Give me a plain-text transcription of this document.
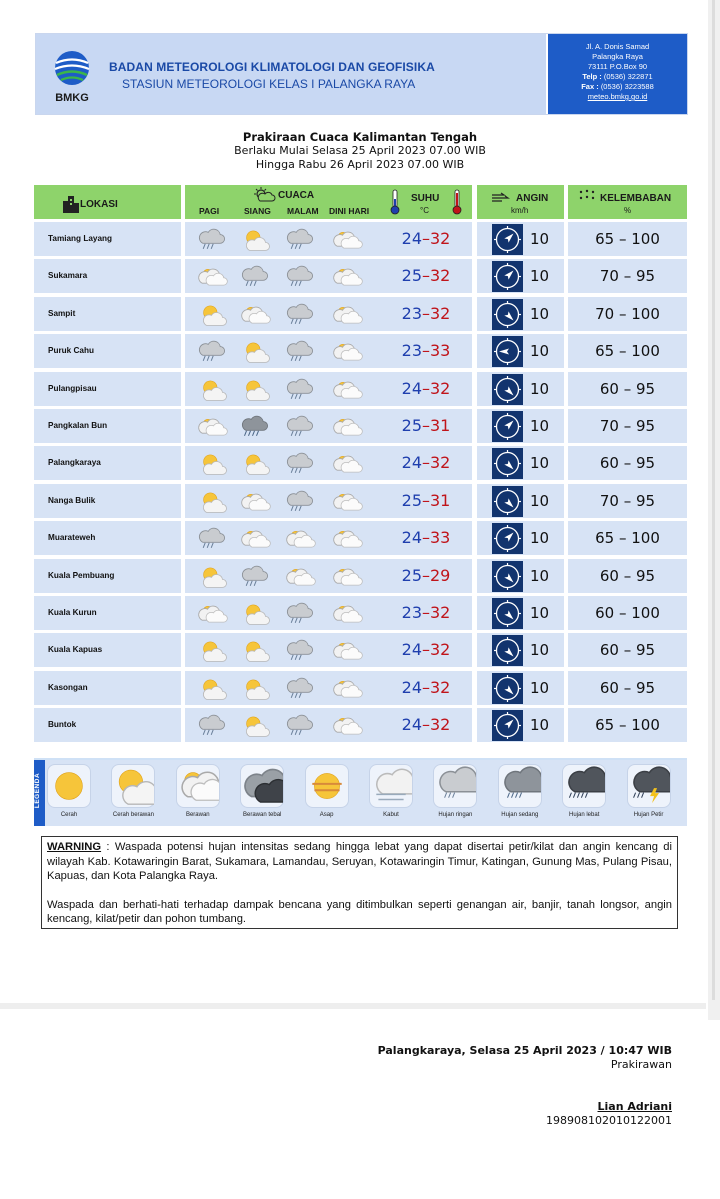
BMKG
BADAN METEOROLOGI KLIMATOLOGI DAN GEOFISIKA
STASIUN METEOROLOGI KELAS I PALANGKA RAYA
Jl. A. Donis Samad
Palangka Raya
73111 P.O.Box 90
Telp : (0536) 322871
Fax : (0536) 3223588
meteo.bmkg.go.id
Prakiraan Cuaca Kalimantan Tengah
Berlaku Mulai Selasa 25 April 2023 07.00 WIB
Hingga Rabu 26 April 2023 07.00 WIB
LOKASI
CUACA
PAGI	SIANG MALAM DINI HARI
SUHU
°C
ANGIN
km/h
KELEMBABAN
%
Tamiang Layang	24–32	10	65 – 100
Sukamara	25–32	10	70 – 95
Sampit	23–32	10	70 – 100
Puruk Cahu	23–33	10	65 – 100
Pulangpisau	24–32	10	60 – 95
Pangkalan Bun	25–31	10	70 – 95
Palangkaraya	24–32	10	60 – 95
Nanga Bulik	25–31	10	70 – 95
Muarateweh	24–33	10	65 – 100
Kuala Pembuang	25–29	10	60 – 95
Kuala Kurun	23–32	10	60 – 100
Kuala Kapuas	24–32	10	60 – 95
Kasongan	24–32	10	60 – 95
Buntok	24–32	10	65 – 100
LEGENDA
Cerah	Cerah berawan	Berawan	Berawan tebal	Asap	Kabut	Hujan ringan	Hujan sedang	Hujan lebat	Hujan Petir

WARNING : Waspada potensi hujan intensitas sedang hingga lebat yang dapat disertai petir/kilat dan angin kencang di wilayah Kab. Kotawaringin Barat, Sukamara, Lamandau, Seruyan, Kotawaringin Timur, Katingan, Gunung Mas, Pulang Pisau, Kapuas, dan Kota Palangka Raya.

Waspada dan berhati-hati terhadap dampak bencana yang ditimbulkan seperti genangan air, banjir, tanah longsor, angin kencang, kilat/petir dan pohon tumbang.

Palangkaraya, Selasa 25 April 2023 / 10:47 WIB
Prakirawan
Lian Adriani
198908102010122001
